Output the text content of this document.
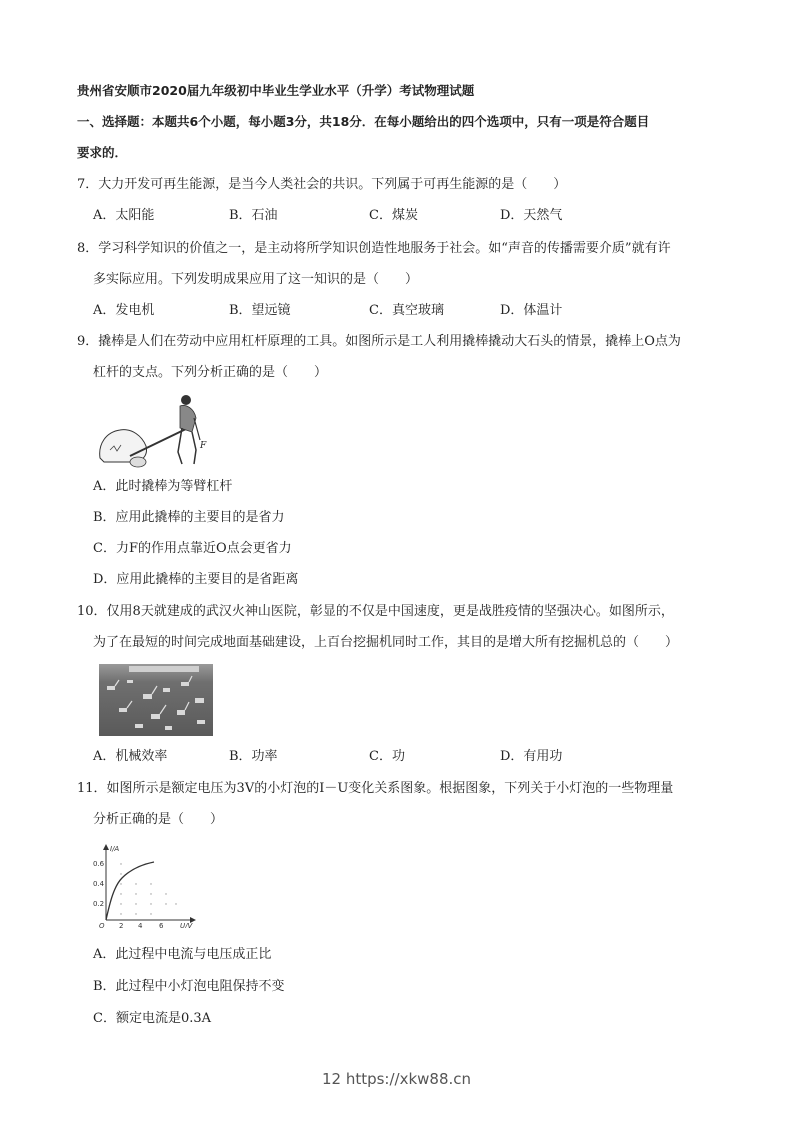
贵州省安顺市2020届九年级初中毕业生学业水平（升学）考试物理试题
一、选择题：本题共6个小题，每小题3分，共18分．在每小题给出的四个选项中，只有一项是符合题目
要求的．
7．大力开发可再生能源，是当今人类社会的共识。下列属于可再生能源的是（　　）
A．太阳能	B．石油	C．煤炭	D．天然气
8．学习科学知识的价值之一，是主动将所学知识创造性地服务于社会。如“声音的传播需要介质”就有许
多实际应用。下列发明成果应用了这一知识的是（　　）
A．发电机	B．望远镜	C．真空玻璃	D．体温计
9．撬棒是人们在劳动中应用杠杆原理的工具。如图所示是工人利用撬棒撬动大石头的情景，撬棒上O点为
杠杆的支点。下列分析正确的是（　　）
F
A．此时撬棒为等臂杠杆
B．应用此撬棒的主要目的是省力
C．力F的作用点靠近O点会更省力
D．应用此撬棒的主要目的是省距离
10．仅用8天就建成的武汉火神山医院，彰显的不仅是中国速度，更是战胜疫情的坚强决心。如图所示，
为了在最短的时间完成地面基础建设，上百台挖掘机同时工作，其目的是增大所有挖掘机总的（　　）
A．机械效率	B．功率	C．功	D．有用功
11．如图所示是额定电压为3V的小灯泡的I－U变化关系图象。根据图象，下列关于小灯泡的一些物理量
分析正确的是（　　）
I/A
0.6
0.4
0.2
2 4 6
O	U/V
A．此过程中电流与电压成正比
B．此过程中小灯泡电阻保持不变
C．额定电流是0.3A
12 https://xkw88.cn
